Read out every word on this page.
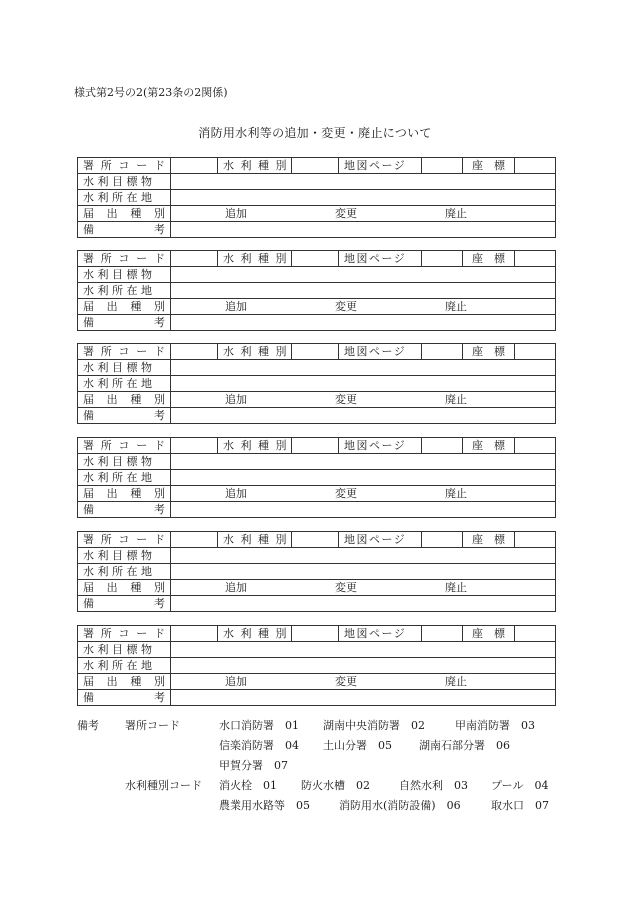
様式第2号の2(第23条の2関係)
消防用水利等の追加・変更・廃止について
署 所 コ ー ド		水 利 種 別		地図ページ		座 標	

水利目標物							
水利所在地							

届 出 種 別	追加 変更 廃止						

備 考							

署 所 コ ー ド		水 利 種 別		地図ページ		座 標	

水利目標物							
水利所在地							

届 出 種 別	追加 変更 廃止						

備 考							

署 所 コ ー ド		水 利 種 別		地図ページ		座 標	

水利目標物							
水利所在地							

届 出 種 別	追加 変更 廃止						

備 考							

署 所 コ ー ド		水 利 種 別		地図ページ		座 標	

水利目標物							
水利所在地							

届 出 種 別	追加 変更 廃止						

備 考							

署 所 コ ー ド		水 利 種 別		地図ページ		座 標	

水利目標物							
水利所在地							

届 出 種 別	追加 変更 廃止						

備 考							

署 所 コ ー ド		水 利 種 別		地図ページ		座 標	

水利目標物							
水利所在地							

届 出 種 別	追加 変更 廃止						

備 考							

備考 署所コード	水口消防署　 01 湖南中央消防署　 02	甲南消防署　 03
信楽消防署　 04 土山分署　 05 湖南石部分署　 06
甲賀分署　 07
水利種別コード 消火栓　 01 防火水槽　 02	自然水利　 03 プール　 04
農業用水路等　 05	消防用水(消防設備)　 06	取水口　 07
